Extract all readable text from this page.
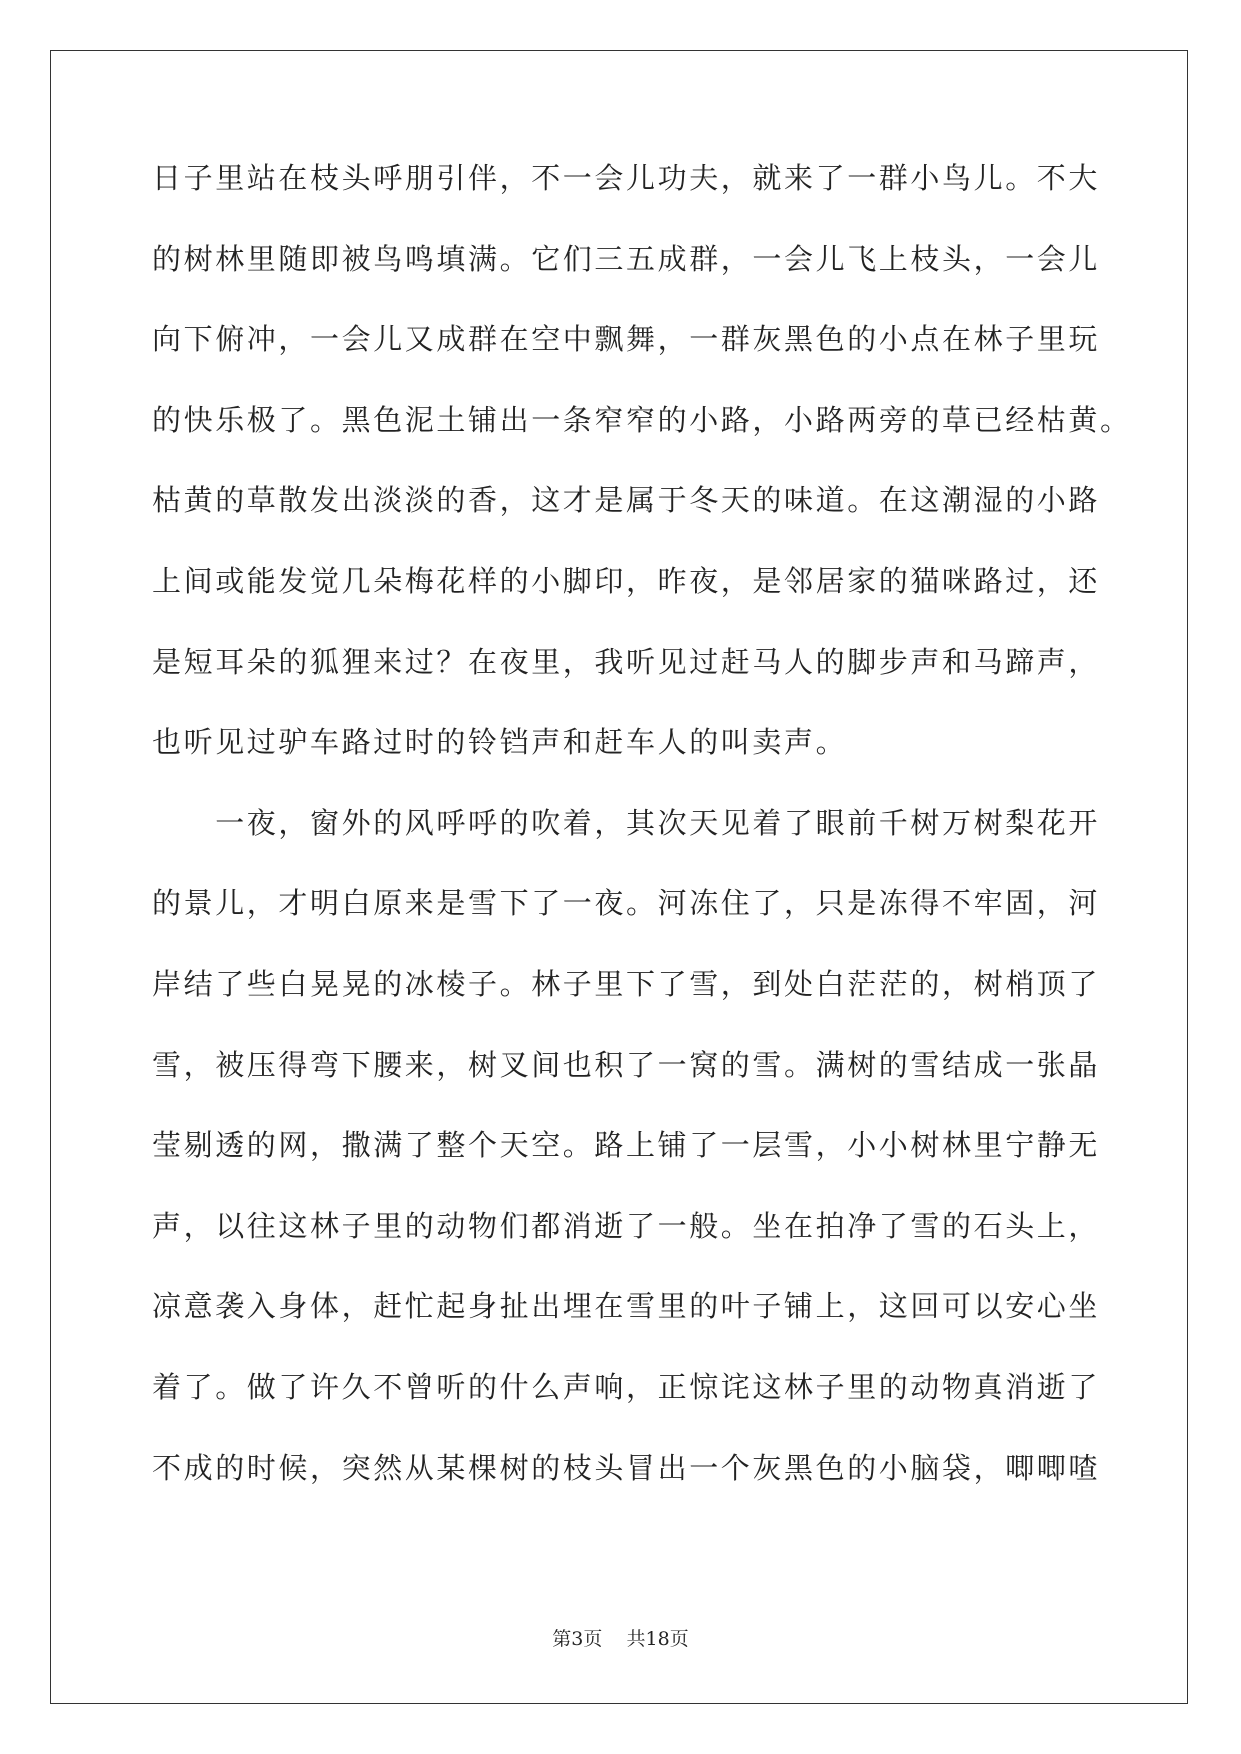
日子里站在枝头呼朋引伴，不一会儿功夫，就来了一群小鸟儿。不大
的树林里随即被鸟鸣填满。它们三五成群，一会儿飞上枝头，一会儿
向下俯冲，一会儿又成群在空中飘舞，一群灰黑色的小点在林子里玩
的快乐极了。黑色泥土铺出一条窄窄的小路，小路两旁的草已经枯黄。
枯黄的草散发出淡淡的香，这才是属于冬天的味道。在这潮湿的小路
上间或能发觉几朵梅花样的小脚印，昨夜，是邻居家的猫咪路过，还
是短耳朵的狐狸来过？在夜里，我听见过赶马人的脚步声和马蹄声，
也听见过驴车路过时的铃铛声和赶车人的叫卖声。
　　一夜，窗外的风呼呼的吹着，其次天见着了眼前千树万树梨花开
的景儿，才明白原来是雪下了一夜。河冻住了，只是冻得不牢固，河
岸结了些白晃晃的冰棱子。林子里下了雪，到处白茫茫的，树梢顶了
雪，被压得弯下腰来，树叉间也积了一窝的雪。满树的雪结成一张晶
莹剔透的网，撒满了整个天空。路上铺了一层雪，小小树林里宁静无
声，以往这林子里的动物们都消逝了一般。坐在拍净了雪的石头上，
凉意袭入身体，赶忙起身扯出埋在雪里的叶子铺上，这回可以安心坐
着了。做了许久不曾听的什么声响，正惊诧这林子里的动物真消逝了
不成的时候，突然从某棵树的枝头冒出一个灰黑色的小脑袋，唧唧喳
第3页 共18页
